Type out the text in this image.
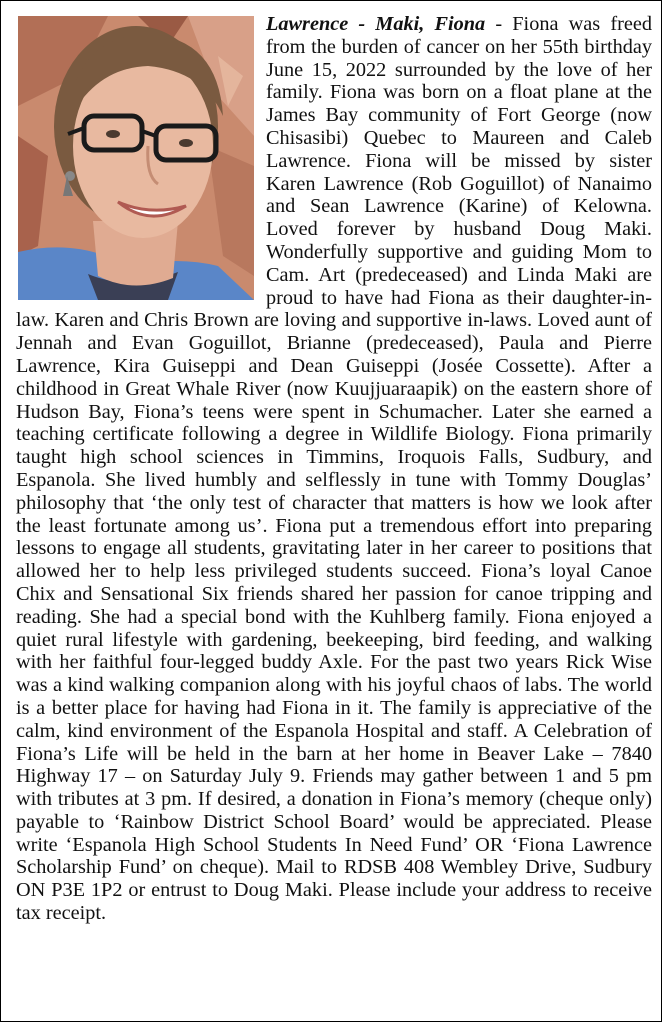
Lawrence - Maki, Fiona - Fiona was freed from the burden of cancer on her 55th birthday June 15, 2022 surrounded by the love of her family. Fiona was born on a float plane at the James Bay community of Fort George (now Chisasibi) Quebec to Maureen and Caleb Lawrence. Fiona will be missed by sister Karen Lawrence (Rob Goguillot) of Nanaimo and Sean Lawrence (Karine) of Kelowna. Loved forever by husband Doug Maki. Wonderfully supportive and guiding Mom to Cam. Art (predeceased) and Linda Maki are proud to have had Fiona as their daughter-in-law. Karen and Chris Brown are loving and supportive in-laws. Loved aunt of Jennah and Evan Goguillot, Brianne (predeceased), Paula and Pierre Lawrence, Kira Guiseppi and Dean Guiseppi (Josée Cossette). After a childhood in Great Whale River (now Kuujjuaraapik) on the eastern shore of Hudson Bay, Fiona’s teens were spent in Schumacher. Later she earned a teaching certificate following a degree in Wildlife Biology. Fiona primarily taught high school sciences in Timmins, Iroquois Falls, Sudbury, and Espanola. She lived humbly and selflessly in tune with Tommy Douglas’ philosophy that ‘the only test of character that matters is how we look after the least fortunate among us’. Fiona put a tremendous effort into preparing lessons to engage all students, gravitating later in her career to positions that allowed her to help less privileged students succeed. Fiona’s loyal Canoe Chix and Sensational Six friends shared her passion for canoe tripping and reading. She had a special bond with the Kuhlberg family. Fiona enjoyed a quiet rural lifestyle with gardening, beekeeping, bird feeding, and walking with her faithful four-legged buddy Axle. For the past two years Rick Wise was a kind walking companion along with his joyful chaos of labs. The world is a better place for having had Fiona in it. The family is appreciative of the calm, kind environment of the Espanola Hospital and staff. A Celebration of Fiona’s Life will be held in the barn at her home in Beaver Lake – 7840 Highway 17 – on Saturday July 9. Friends may gather between 1 and 5 pm with tributes at 3 pm. If desired, a donation in Fiona’s memory (cheque only) payable to ‘Rainbow District School Board’ would be appreciated. Please write ‘Espanola High School Students In Need Fund’ OR ‘Fiona Lawrence Scholarship Fund’ on cheque). Mail to RDSB 408 Wembley Drive, Sudbury ON P3E 1P2 or entrust to Doug Maki. Please include your address to receive tax receipt.
